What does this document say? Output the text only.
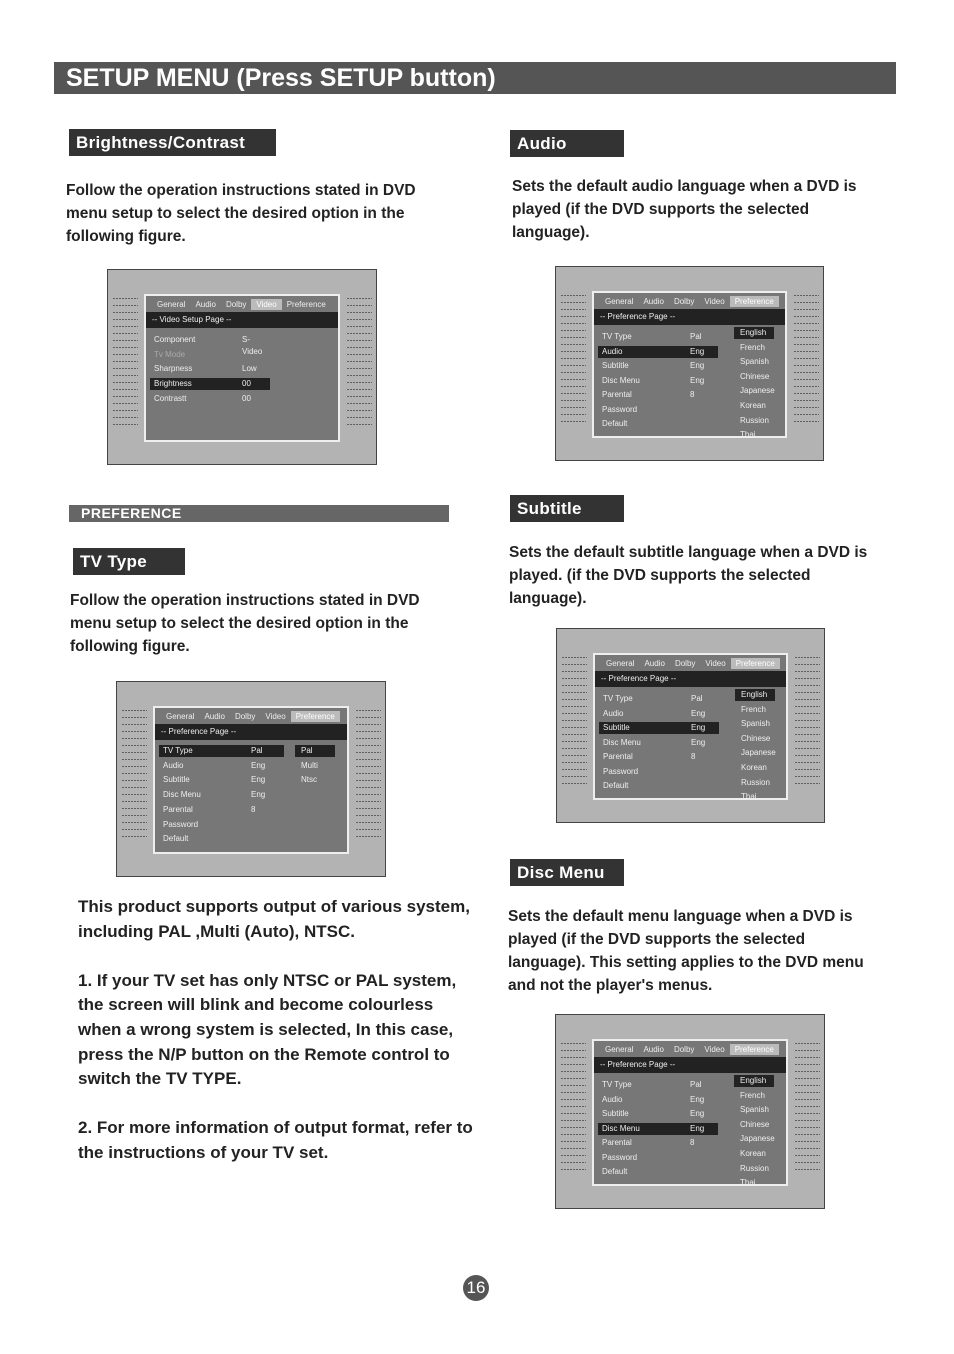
SETUP MENU (Press SETUP button)
Brightness/Contrast

Follow the operation instructions stated in DVD menu setup to select the desired option in the following figure.

General	Audio	Dolby	Video	Preference
-- Video Setup Page --
Component	S-Video
Tv Mode
Sharpness	Low
Brightness	00
Contrastt	00
PREFERENCE
TV Type

Follow the operation instructions stated in DVD menu setup to select the desired option in the following figure.

General	Audio	Dolby	Video	Preference
-- Preference Page --
TV Type	Pal
Audio	Eng
Subtitle	Eng
Disc Menu	Eng
Parental	8
Password
Default
Pal
Multi
Ntsc

This product supports output of various system, including PAL ,Multi (Auto), NTSC.

1. If your TV set has only NTSC or PAL system, the screen will blink and become colourless when a wrong system is selected, In this case, press the N/P button on the Remote control to switch the TV TYPE.

2. For more information of output format, refer to the instructions of your TV set.

Audio

Sets the default audio language when a DVD is played (if the DVD supports the selected language).

General	Audio	Dolby	Video	Preference
-- Preference Page --
TV Type	Pal
Audio	Eng
Subtitle	Eng
Disc Menu	Eng
Parental	8
Password
Default
English
French
Spanish
Chinese
Japanese
Korean
Russion
Thai
Subtitle

Sets the default subtitle language when a DVD is played. (if the DVD supports the selected language).

General	Audio	Dolby	Video	Preference
-- Preference Page --
TV Type	Pal
Audio	Eng
Subtitle	Eng
Disc Menu	Eng
Parental	8
Password
Default
English
French
Spanish
Chinese
Japanese
Korean
Russion
Thai
Disc Menu

Sets the default menu language when a DVD is played (if the DVD supports the selected language). This setting applies to the DVD menu and not the player's menus.

General	Audio	Dolby	Video	Preference
-- Preference Page --
TV Type	Pal
Audio	Eng
Subtitle	Eng
Disc Menu	Eng
Parental	8
Password
Default
English
French
Spanish
Chinese
Japanese
Korean
Russion
Thai
16
